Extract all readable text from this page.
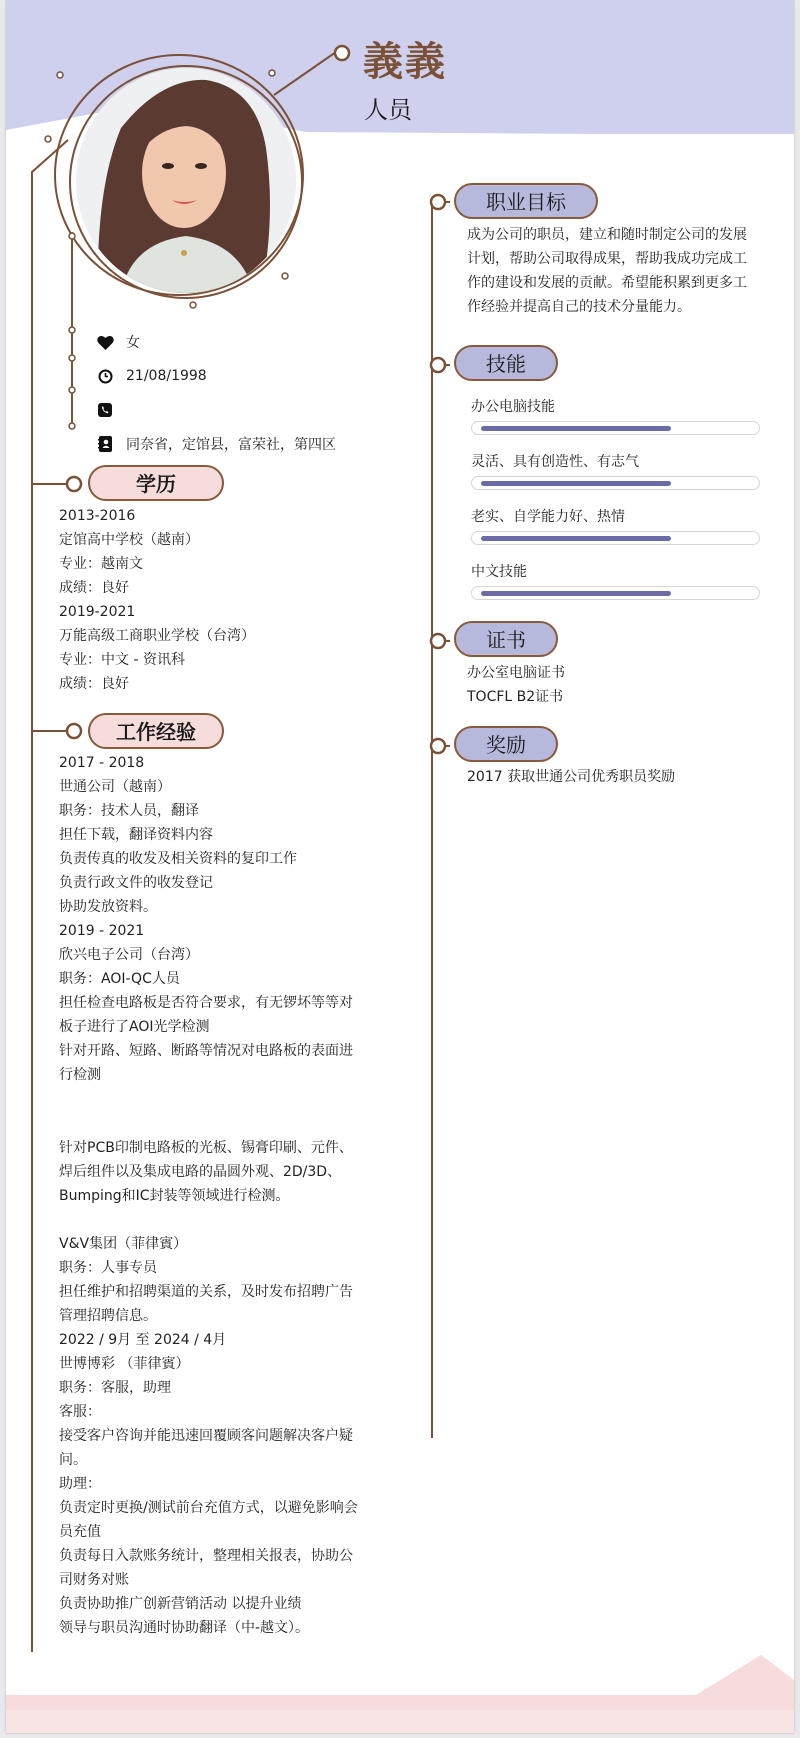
義義
人员
女
21/08/1998
同奈省，定馆县，富荣社，第四区
学历
2013-2016
定馆高中学校（越南）
专业：越南文
成绩：良好
2019-2021
万能高级工商职业学校（台湾）
专业：中文 - 资讯科
成绩：良好
工作经验
2017 - 2018
世通公司（越南）
职务：技术人员，翻译
担任下载，翻译资料内容
负责传真的收发及相关资料的复印工作
负责行政文件的收发登记
协助发放资料。
2019 - 2021
欣兴电子公司（台湾）
职务：AOI-QC人员
担任检查电路板是否符合要求，有无锣坏等等对
板子进行了AOI光学检测
针对开路、短路、断路等情况对电路板的表面进
行检测
针对PCB印制电路板的光板、锡膏印刷、元件、
焊后组件以及集成电路的晶圆外观、2D/3D、
Bumping和IC封装等领域进行检测。
V&V集团（菲律賓）
职务：人事专员
担任维护和招聘渠道的关系，及时发布招聘广告
管理招聘信息。
2022 / 9月 至 2024 / 4月
世博博彩 （菲律賓）
职务：客服，助理
客服：
接受客户咨询并能迅速回覆顾客问题解决客户疑
问。
助理：
负责定时更换/测试前台充值方式，以避免影响会
员充值
负责每日入款账务统计，整理相关报表，协助公
司财务对账
负责协助推广创新营销活动 以提升业绩
领导与职员沟通时协助翻译（中-越文）。
职业目标
成为公司的职员，建立和随时制定公司的发展
计划，帮助公司取得成果，帮助我成功完成工
作的建设和发展的贡献。希望能积累到更多工
作经验并提高自己的技术分量能力。
技能
办公电脑技能
灵活、具有创造性、有志气
老实、自学能力好、热情
中文技能
证书
办公室电脑证书
TOCFL B2证书
奖励
2017 获取世通公司优秀职员奖励
